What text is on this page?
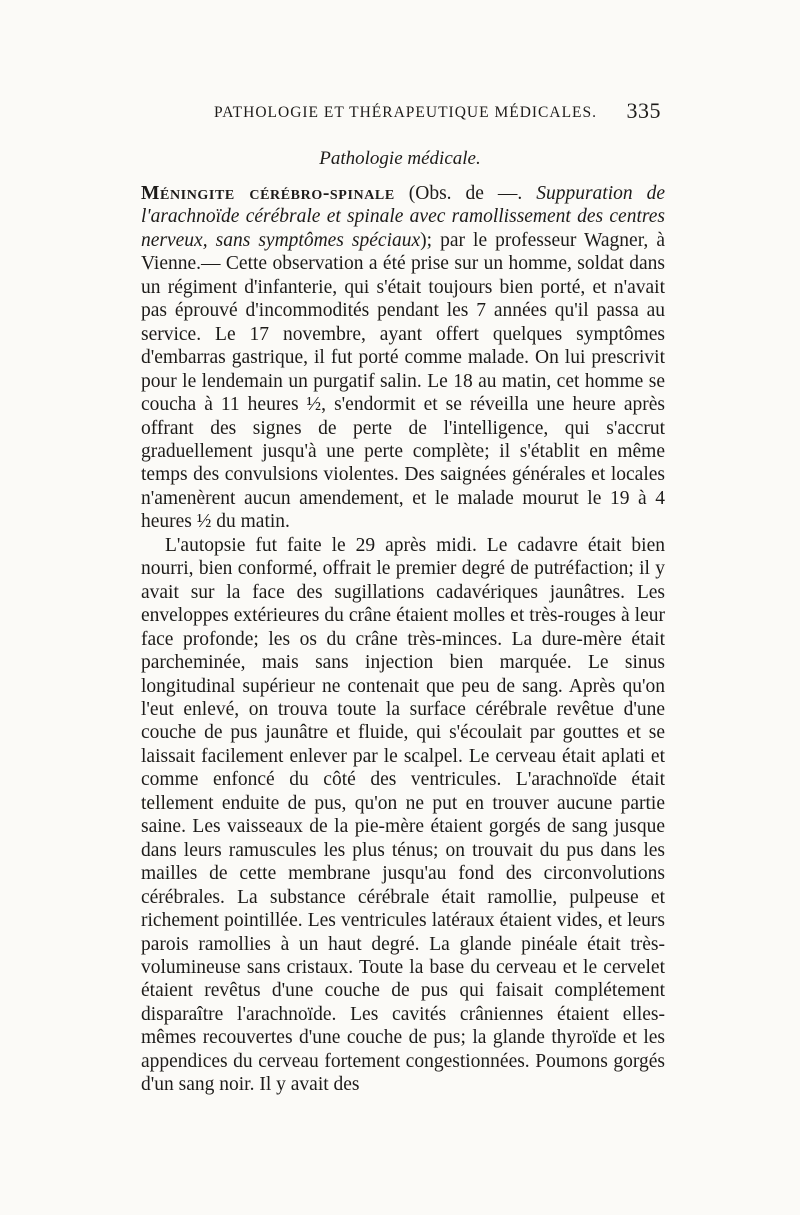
PATHOLOGIE ET THÉRAPEUTIQUE MÉDICALES. 335
Pathologie médicale.

Méningite cérébro-spinale (Obs. de —. Suppuration de l'arachnoïde cérébrale et spinale avec ramollissement des centres nerveux, sans symptômes spéciaux); par le professeur Wagner, à Vienne.— Cette observation a été prise sur un homme, soldat dans un régiment d'infanterie, qui s'était toujours bien porté, et n'avait pas éprouvé d'incommodités pendant les 7 années qu'il passa au service. Le 17 novembre, ayant offert quelques symptômes d'embarras gastrique, il fut porté comme malade. On lui prescrivit pour le lendemain un purgatif salin. Le 18 au matin, cet homme se coucha à 11 heures ½, s'endormit et se réveilla une heure après offrant des signes de perte de l'intelligence, qui s'accrut graduellement jusqu'à une perte complète; il s'établit en même temps des convulsions violentes. Des saignées générales et locales n'amenèrent aucun amendement, et le malade mourut le 19 à 4 heures ½ du matin.

L'autopsie fut faite le 29 après midi. Le cadavre était bien nourri, bien conformé, offrait le premier degré de putréfaction; il y avait sur la face des sugillations cadavériques jaunâtres. Les enveloppes extérieures du crâne étaient molles et très-rouges à leur face profonde; les os du crâne très-minces. La dure-mère était parcheminée, mais sans injection bien marquée. Le sinus longitudinal supérieur ne contenait que peu de sang. Après qu'on l'eut enlevé, on trouva toute la surface cérébrale revêtue d'une couche de pus jaunâtre et fluide, qui s'écoulait par gouttes et se laissait facilement enlever par le scalpel. Le cerveau était aplati et comme enfoncé du côté des ventricules. L'arachnoïde était tellement enduite de pus, qu'on ne put en trouver aucune partie saine. Les vaisseaux de la pie-mère étaient gorgés de sang jusque dans leurs ramuscules les plus ténus; on trouvait du pus dans les mailles de cette membrane jusqu'au fond des circonvolutions cérébrales. La substance cérébrale était ramollie, pulpeuse et richement pointillée. Les ventricules latéraux étaient vides, et leurs parois ramollies à un haut degré. La glande pinéale était très-volumineuse sans cristaux. Toute la base du cerveau et le cervelet étaient revêtus d'une couche de pus qui faisait complétement disparaître l'arachnoïde. Les cavités crâniennes étaient elles-mêmes recouvertes d'une couche de pus; la glande thyroïde et les appendices du cerveau fortement congestionnées. Poumons gorgés d'un sang noir. Il y avait des
